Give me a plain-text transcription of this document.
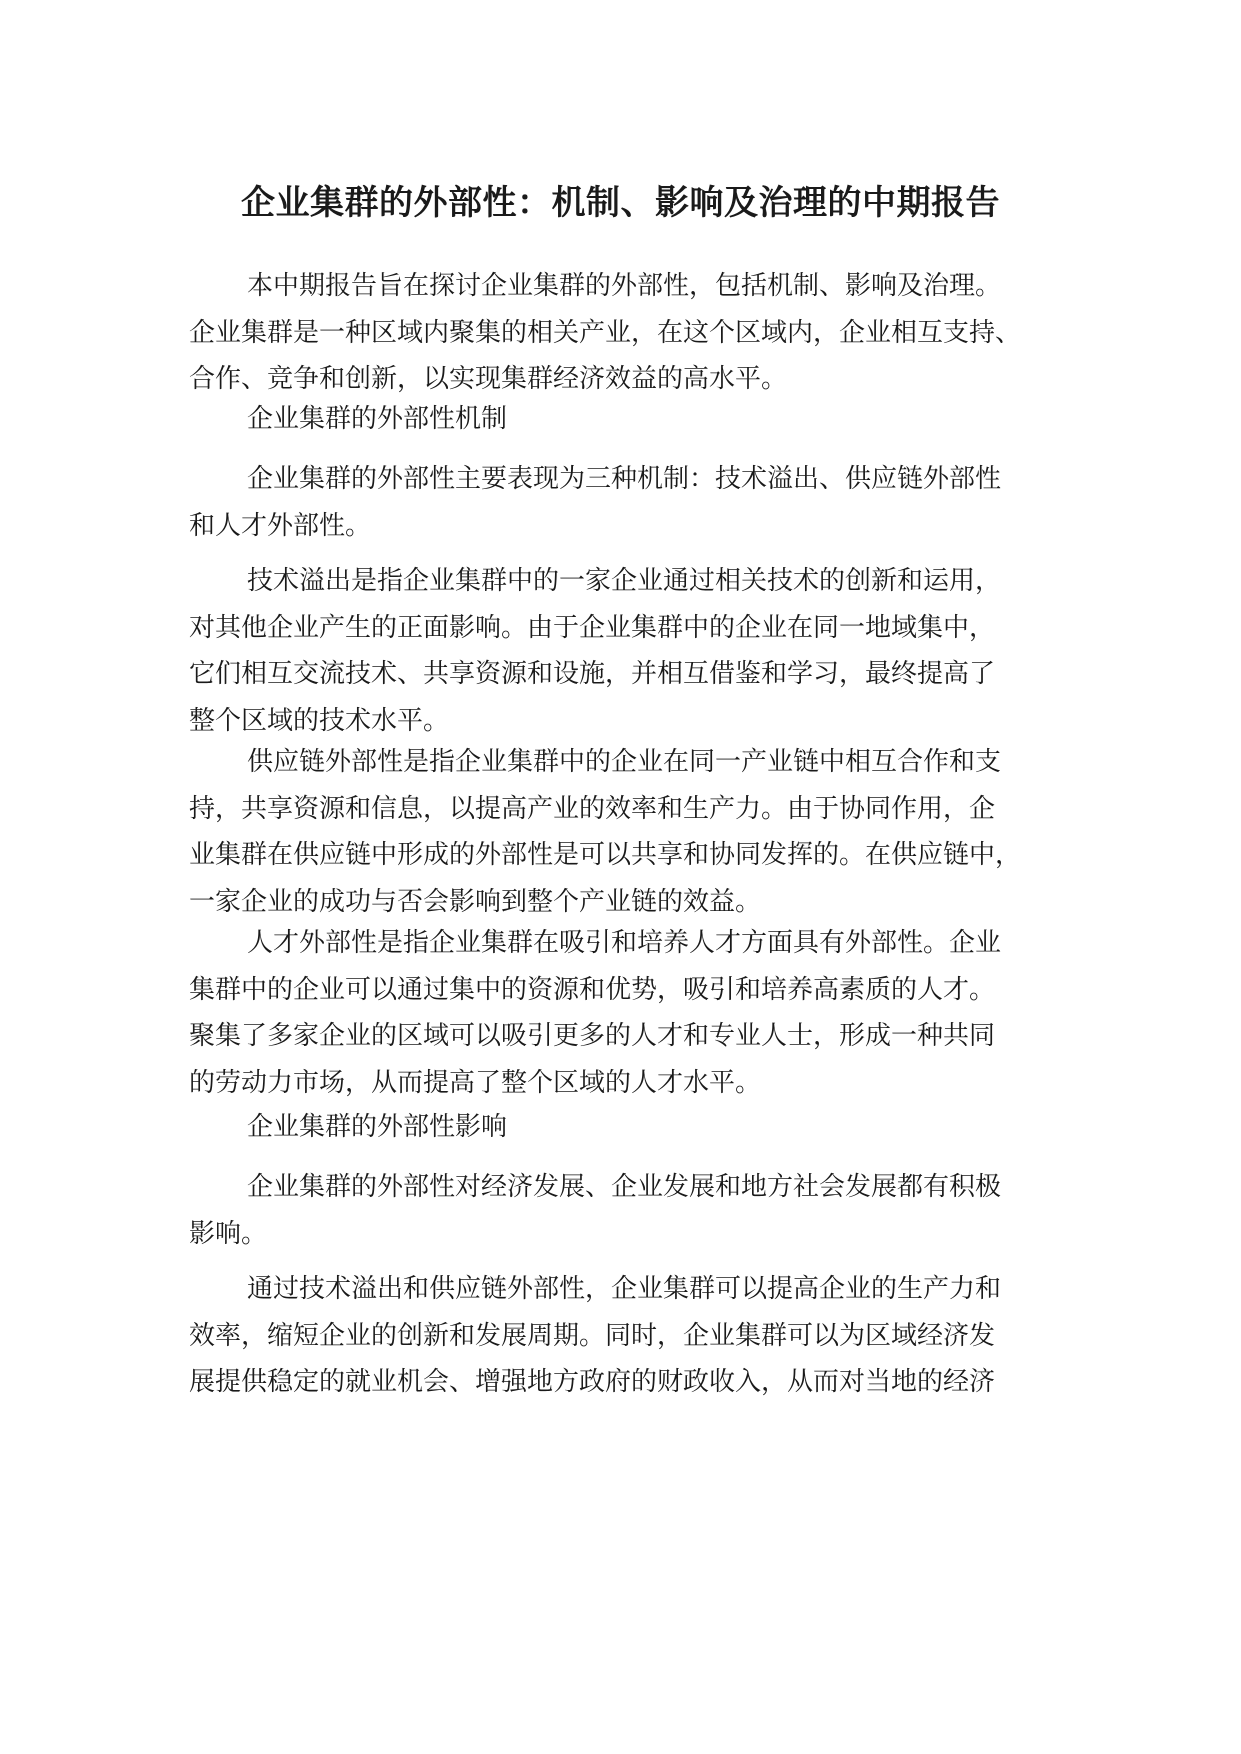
企业集群的外部性：机制、影响及治理的中期报告
本中期报告旨在探讨企业集群的外部性，包括机制、影响及治理。
企业集群是一种区域内聚集的相关产业，在这个区域内，企业相互支持、
合作、竞争和创新，以实现集群经济效益的高水平。
企业集群的外部性机制
企业集群的外部性主要表现为三种机制：技术溢出、供应链外部性
和人才外部性。
技术溢出是指企业集群中的一家企业通过相关技术的创新和运用，
对其他企业产生的正面影响。由于企业集群中的企业在同一地域集中，
它们相互交流技术、共享资源和设施，并相互借鉴和学习，最终提高了
整个区域的技术水平。
供应链外部性是指企业集群中的企业在同一产业链中相互合作和支
持，共享资源和信息，以提高产业的效率和生产力。由于协同作用，企
业集群在供应链中形成的外部性是可以共享和协同发挥的。在供应链中，
一家企业的成功与否会影响到整个产业链的效益。
人才外部性是指企业集群在吸引和培养人才方面具有外部性。企业
集群中的企业可以通过集中的资源和优势，吸引和培养高素质的人才。
聚集了多家企业的区域可以吸引更多的人才和专业人士，形成一种共同
的劳动力市场，从而提高了整个区域的人才水平。
企业集群的外部性影响
企业集群的外部性对经济发展、企业发展和地方社会发展都有积极
影响。
通过技术溢出和供应链外部性，企业集群可以提高企业的生产力和
效率，缩短企业的创新和发展周期。同时，企业集群可以为区域经济发
展提供稳定的就业机会、增强地方政府的财政收入，从而对当地的经济
